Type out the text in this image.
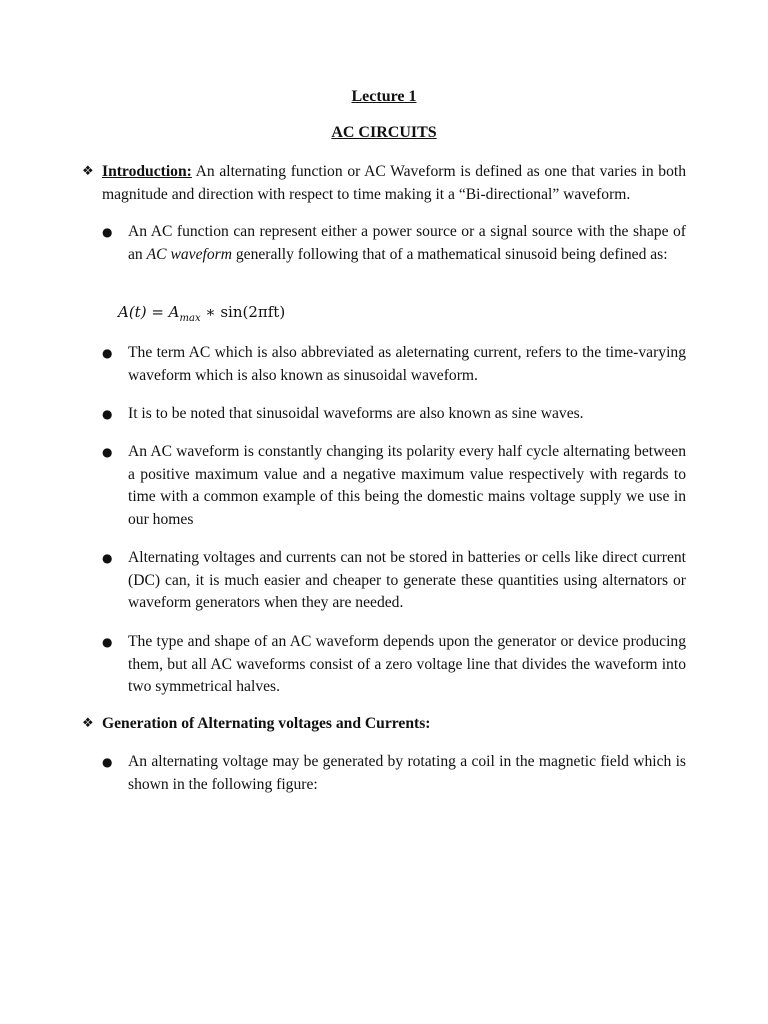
Lecture 1
AC CIRCUITS
❖ Introduction: An alternating function or AC Waveform is defined as one that varies in both magnitude and direction with respect to time making it a “Bi-directional” waveform.
● An AC function can represent either a power source or a signal source with the shape of an AC waveform generally following that of a mathematical sinusoid being defined as:
$A(t) = A_{max}$ ∗ sin(2πft)
● The term AC which is also abbreviated as aleternating current, refers to the time-varying waveform which is also known as sinusoidal waveform.
● It is to be noted that sinusoidal waveforms are also known as sine waves.
● An AC waveform is constantly changing its polarity every half cycle alternating between a positive maximum value and a negative maximum value respectively with regards to time with a common example of this being the domestic mains voltage supply we use in our homes
● Alternating voltages and currents can not be stored in batteries or cells like direct current (DC) can, it is much easier and cheaper to generate these quantities using alternators or waveform generators when they are needed.
● The type and shape of an AC waveform depends upon the generator or device producing them, but all AC waveforms consist of a zero voltage line that divides the waveform into two symmetrical halves.
❖ Generation of Alternating voltages and Currents:
● An alternating voltage may be generated by rotating a coil in the magnetic field which is shown in the following figure:
